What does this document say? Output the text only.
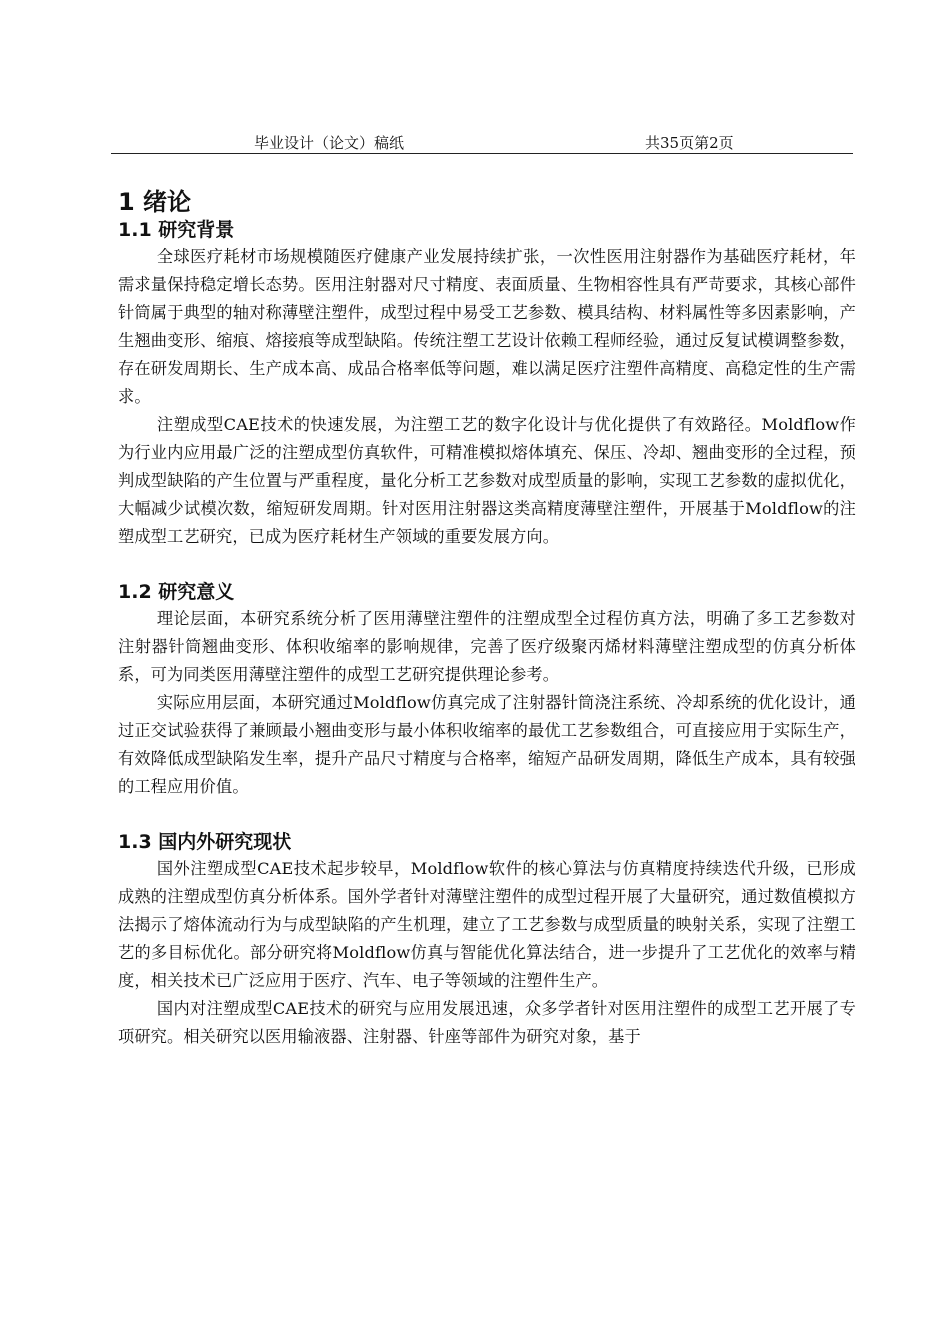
毕业设计（论文）稿纸	共35页第2页
1 绪论
1.1 研究背景

全球医疗耗材市场规模随医疗健康产业发展持续扩张，一次性医用注射器作为基础医疗耗材，年需求量保持稳定增长态势。医用注射器对尺寸精度、表面质量、生物相容性具有严苛要求，其核心部件针筒属于典型的轴对称薄壁注塑件，成型过程中易受工艺参数、模具结构、材料属性等多因素影响，产生翘曲变形、缩痕、熔接痕等成型缺陷。传统注塑工艺设计依赖工程师经验，通过反复试模调整参数，存在研发周期长、生产成本高、成品合格率低等问题，难以满足医疗注塑件高精度、高稳定性的生产需求。

注塑成型CAE技术的快速发展，为注塑工艺的数字化设计与优化提供了有效路径。Moldflow作为行业内应用最广泛的注塑成型仿真软件，可精准模拟熔体填充、保压、冷却、翘曲变形的全过程，预判成型缺陷的产生位置与严重程度，量化分析工艺参数对成型质量的影响，实现工艺参数的虚拟优化，大幅减少试模次数，缩短研发周期。针对医用注射器这类高精度薄壁注塑件，开展基于Moldflow的注塑成型工艺研究，已成为医疗耗材生产领域的重要发展方向。

1.2 研究意义

理论层面，本研究系统分析了医用薄壁注塑件的注塑成型全过程仿真方法，明确了多工艺参数对注射器针筒翘曲变形、体积收缩率的影响规律，完善了医疗级聚丙烯材料薄壁注塑成型的仿真分析体系，可为同类医用薄壁注塑件的成型工艺研究提供理论参考。

实际应用层面，本研究通过Moldflow仿真完成了注射器针筒浇注系统、冷却系统的优化设计，通过正交试验获得了兼顾最小翘曲变形与最小体积收缩率的最优工艺参数组合，可直接应用于实际生产，有效降低成型缺陷发生率，提升产品尺寸精度与合格率，缩短产品研发周期，降低生产成本，具有较强的工程应用价值。

1.3 国内外研究现状

国外注塑成型CAE技术起步较早，Moldflow软件的核心算法与仿真精度持续迭代升级，已形成成熟的注塑成型仿真分析体系。国外学者针对薄壁注塑件的成型过程开展了大量研究，通过数值模拟方法揭示了熔体流动行为与成型缺陷的产生机理，建立了工艺参数与成型质量的映射关系，实现了注塑工艺的多目标优化。部分研究将Moldflow仿真与智能优化算法结合，进一步提升了工艺优化的效率与精度，相关技术已广泛应用于医疗、汽车、电子等领域的注塑件生产。

国内对注塑成型CAE技术的研究与应用发展迅速，众多学者针对医用注塑件的成型工艺开展了专项研究。相关研究以医用输液器、注射器、针座等部件为研究对象，基于
